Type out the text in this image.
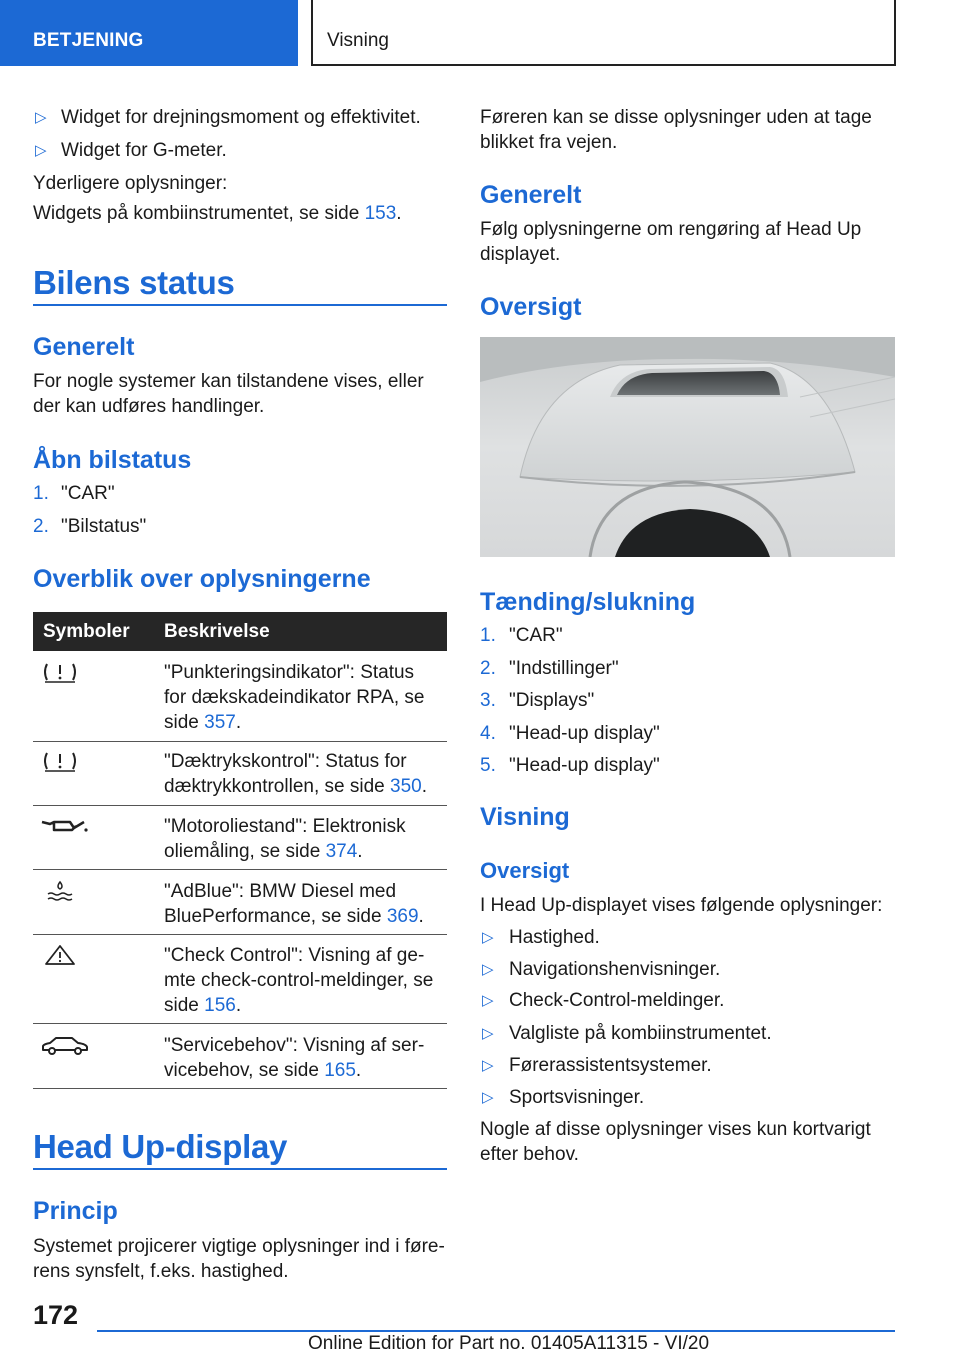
BETJENING	Visning
▷ Widget for drejningsmoment og effektivitet.
▷ Widget for G-meter.
Yderligere oplysninger:
Widgets på kombiinstrumentet, se side 153.
Bilens status
Generelt
For nogle systemer kan tilstandene vises, eller
der kan udføres handlinger.
Åbn bilstatus
1. "CAR"
2. "Bilstatus"
Overblik over oplysningerne
Symboler Beskrivelse
"Punkteringsindikator": Status
for dækskadeindikator RPA, se
side 357.
"Dæktrykskontrol": Status for
dæktrykkontrollen, se side 350.
"Motoroliestand": Elektronisk
oliemåling, se side 374.
"AdBlue": BMW Diesel med
BluePerformance, se side 369.
"Check Control": Visning af ge-
mte check-control-meldinger, se
side 156.
"Servicebehov": Visning af ser-
vicebehov, se side 165.
Head Up-display
Princip
Systemet projicerer vigtige oplysninger ind i føre-
rens synsfelt, f.eks. hastighed.
Føreren kan se disse oplysninger uden at tage
blikket fra vejen.
Generelt
Følg oplysningerne om rengøring af Head Up
displayet.
Oversigt
Tænding/slukning
1. "CAR"
2. "Indstillinger"
3. "Displays"
4. "Head-up display"
5. "Head-up display"
Visning
Oversigt
I Head Up-displayet vises følgende oplysninger:
▷ Hastighed.
▷ Navigationshenvisninger.
▷ Check-Control-meldinger.
▷ Valgliste på kombiinstrumentet.
▷ Førerassistentsystemer.
▷ Sportsvisninger.
Nogle af disse oplysninger vises kun kortvarigt
efter behov.
172
Online Edition for Part no. 01405A11315 - VI/20
